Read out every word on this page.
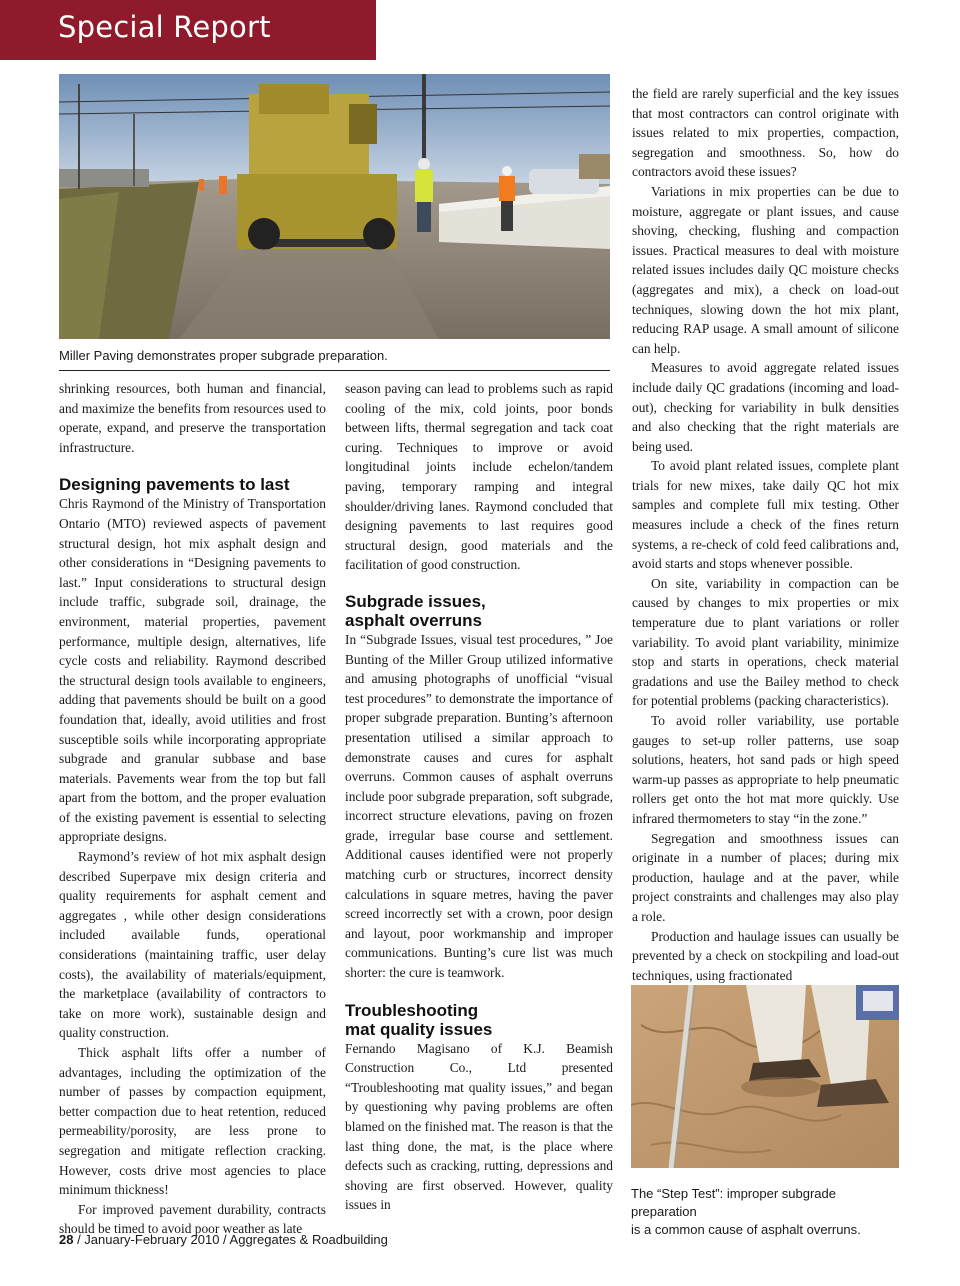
Special Report
Miller Paving demonstrates proper subgrade preparation.

shrinking resources, both human and financial, and maximize the benefits from resources used to operate, expand, and preserve the transportation infrastructure.

Designing pavements to last

Chris Raymond of the Ministry of Transportation Ontario (MTO) reviewed aspects of pavement structural design, hot mix asphalt design and other considerations in “Designing pavements to last.” Input considerations to structural design include traffic, subgrade soil, drainage, the environment, material properties, pavement performance, multiple design, alternatives, life cycle costs and reliability. Raymond described the structural design tools available to engineers, adding that pavements should be built on a good foundation that, ideally, avoid utilities and frost susceptible soils while incorporating appropriate subgrade and granular subbase and base materials. Pavements wear from the top but fall apart from the bottom, and the proper evaluation of the existing pavement is essential to selecting appropriate designs.

Raymond’s review of hot mix asphalt design described Superpave mix design criteria and quality requirements for asphalt cement and aggregates , while other design considerations included available funds, operational considerations (maintaining traffic, user delay costs), the availability of materials/equipment, the marketplace (availability of contractors to take on more work), sustainable design and quality construction.

Thick asphalt lifts offer a number of advantages, including the optimization of the number of passes by compaction equipment, better compaction due to heat retention, reduced permeability/porosity, are less prone to segregation and mitigate reflection cracking. However, costs drive most agencies to place minimum thickness!

For improved pavement durability, contracts should be timed to avoid poor weather as late

season paving can lead to problems such as rapid cooling of the mix, cold joints, poor bonds between lifts, thermal segregation and tack coat curing. Techniques to improve or avoid longitudinal joints include echelon/tandem paving, temporary ramping and integral shoulder/driving lanes. Raymond concluded that designing pavements to last requires good structural design, good materials and the facilitation of good construction.

Subgrade issues,
asphalt overruns

In “Subgrade Issues, visual test procedures, ” Joe Bunting of the Miller Group utilized informative and amusing photographs of unofficial “visual test procedures” to demonstrate the importance of proper subgrade preparation. Bunting’s afternoon presentation utilised a similar approach to demonstrate causes and cures for asphalt overruns. Common causes of asphalt overruns include poor subgrade preparation, soft subgrade, incorrect structure elevations, paving on frozen grade, irregular base course and settlement. Additional causes identified were not properly matching curb or structures, incorrect density calculations in square metres, having the paver screed incorrectly set with a crown, poor design and layout, poor workmanship and improper communications. Bunting’s cure list was much shorter: the cure is teamwork.

Troubleshooting
mat quality issues

Fernando Magisano of K.J. Beamish Construction Co., Ltd presented “Troubleshooting mat quality issues,” and began by questioning why paving problems are often blamed on the finished mat. The reason is that the last thing done, the mat, is the place where defects such as cracking, rutting, depressions and shoving are first observed. However, quality issues in

the field are rarely superficial and the key issues that most contractors can control originate with issues related to mix properties, compaction, segregation and smoothness. So, how do contractors avoid these issues?

Variations in mix properties can be due to moisture, aggregate or plant issues, and cause shoving, checking, flushing and compaction issues. Practical measures to deal with moisture related issues includes daily QC moisture checks (aggregates and mix), a check on load-out techniques, slowing down the hot mix plant, reducing RAP usage. A small amount of silicone can help.

Measures to avoid aggregate related issues include daily QC gradations (incoming and load-out), checking for variability in bulk densities and also checking that the right materials are being used.

To avoid plant related issues, complete plant trials for new mixes, take daily QC hot mix samples and complete full mix testing. Other measures include a check of the fines return systems, a re-check of cold feed calibrations and, avoid starts and stops whenever possible.

On site, variability in compaction can be caused by changes to mix properties or mix temperature due to plant variations or roller variability. To avoid plant variability, minimize stop and starts in operations, check material gradations and use the Bailey method to check for potential problems (packing characteristics).

To avoid roller variability, use portable gauges to set-up roller patterns, use soap solutions, heaters, hot sand pads or high speed warm-up passes as appropriate to help pneumatic rollers get onto the hot mat more quickly. Use infrared thermometers to stay “in the zone.”

Segregation and smoothness issues can originate in a number of places; during mix production, haulage and at the paver, while project constraints and challenges may also play a role.

Production and haulage issues can usually be prevented by a check on stockpiling and load-out techniques, using fractionated

The “Step Test”: improper subgrade preparation
is a common cause of asphalt overruns.
28 / January-February 2010 / Aggregates & Roadbuilding
